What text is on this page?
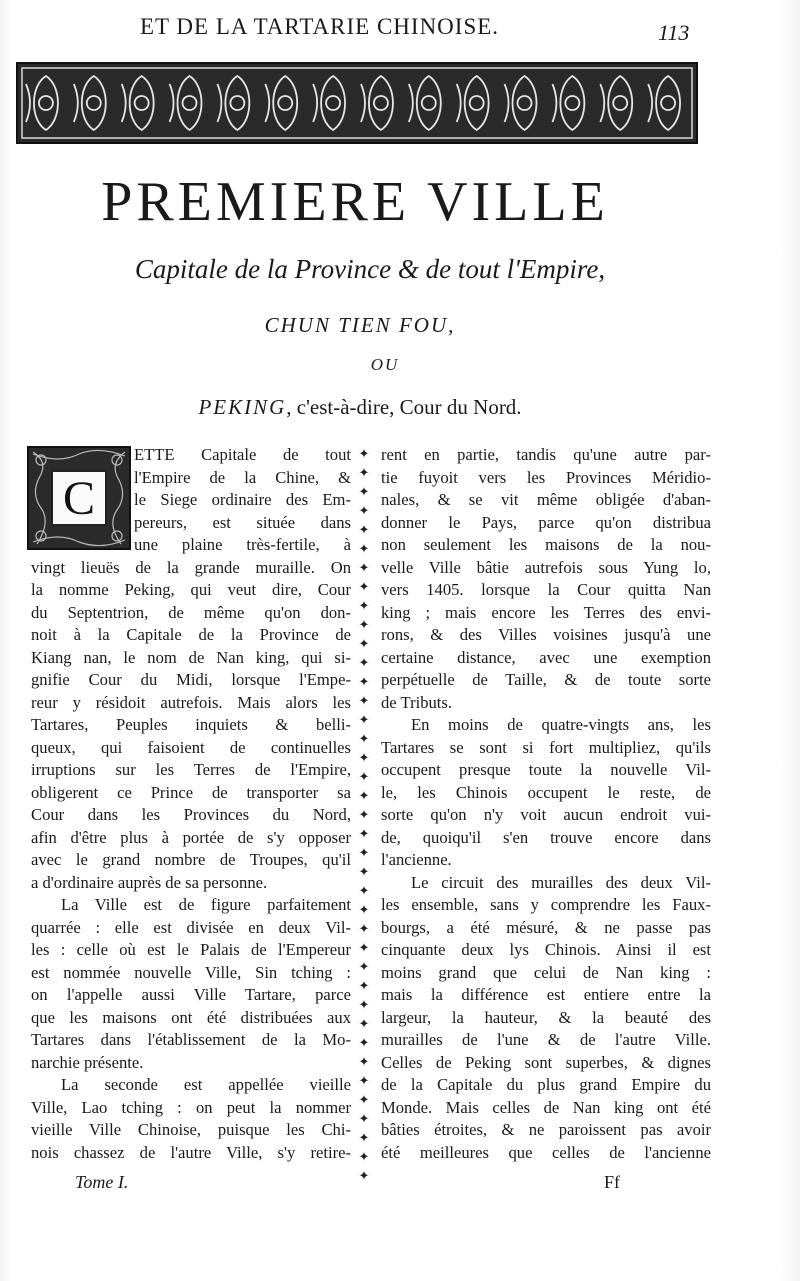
ET DE LA TARTARIE CHINOISE.	113
PREMIERE VILLE
Capitale de la Province & de tout l'Empire,
CHUN TIEN FOU,
OU
PEKING, c'est-à-dire, Cour du Nord.
C
ETTE Capitale de tout
l'Empire de la Chine, &
le Siege ordinaire des Em-
pereurs, est située dans
une plaine très-fertile, à
vingt lieuës de la grande muraille. On
la nomme Peking, qui veut dire, Cour
du Septentrion, de même qu'on don-
noit à la Capitale de la Province de
Kiang nan, le nom de Nan king, qui si-
gnifie Cour du Midi, lorsque l'Empe-
reur y résidoit autrefois. Mais alors les
Tartares, Peuples inquiets & belli-
queux, qui faisoient de continuelles
irruptions sur les Terres de l'Empire,
obligerent ce Prince de transporter sa
Cour dans les Provinces du Nord,
afin d'être plus à portée de s'y opposer
avec le grand nombre de Troupes, qu'il
a d'ordinaire auprès de sa personne.
La Ville est de figure parfaitement
quarrée : elle est divisée en deux Vil-
les : celle où est le Palais de l'Empereur
est nommée nouvelle Ville, Sin tching :
on l'appelle aussi Ville Tartare, parce
que les maisons ont été distribuées aux
Tartares dans l'établissement de la Mo-
narchie présente.
La seconde est appellée vieille
Ville, Lao tching : on peut la nommer
vieille Ville Chinoise, puisque les Chi-
nois chassez de l'autre Ville, s'y retire-
✦
✦
✦
✦
✦
✦
✦
✦
✦
✦
✦
✦
✦
✦
✦
✦
✦
✦
✦
✦
✦
✦
✦
✦
✦
✦
✦
✦
✦
✦
✦
✦
✦
✦
✦
✦
✦
✦
✦
rent en partie, tandis qu'une autre par-
tie fuyoit vers les Provinces Méridio-
nales, & se vit même obligée d'aban-
donner le Pays, parce qu'on distribua
non seulement les maisons de la nou-
velle Ville bâtie autrefois sous Yung lo,
vers 1405. lorsque la Cour quitta Nan
king ; mais encore les Terres des envi-
rons, & des Villes voisines jusqu'à une
certaine distance, avec une exemption
perpétuelle de Taille, & de toute sorte
de Tributs.
En moins de quatre-vingts ans, les
Tartares se sont si fort multipliez, qu'ils
occupent presque toute la nouvelle Vil-
le, les Chinois occupent le reste, de
sorte qu'on n'y voit aucun endroit vui-
de, quoiqu'il s'en trouve encore dans
l'ancienne.
Le circuit des murailles des deux Vil-
les ensemble, sans y comprendre les Faux-
bourgs, a été mésuré, & ne passe pas
cinquante deux lys Chinois. Ainsi il est
moins grand que celui de Nan king :
mais la différence est entiere entre la
largeur, la hauteur, & la beauté des
murailles de l'une & de l'autre Ville.
Celles de Peking sont superbes, & dignes
de la Capitale du plus grand Empire du
Monde. Mais celles de Nan king ont été
bâties étroites, & ne paroissent pas avoir
été meilleures que celles de l'ancienne
Tome I.	Ff
